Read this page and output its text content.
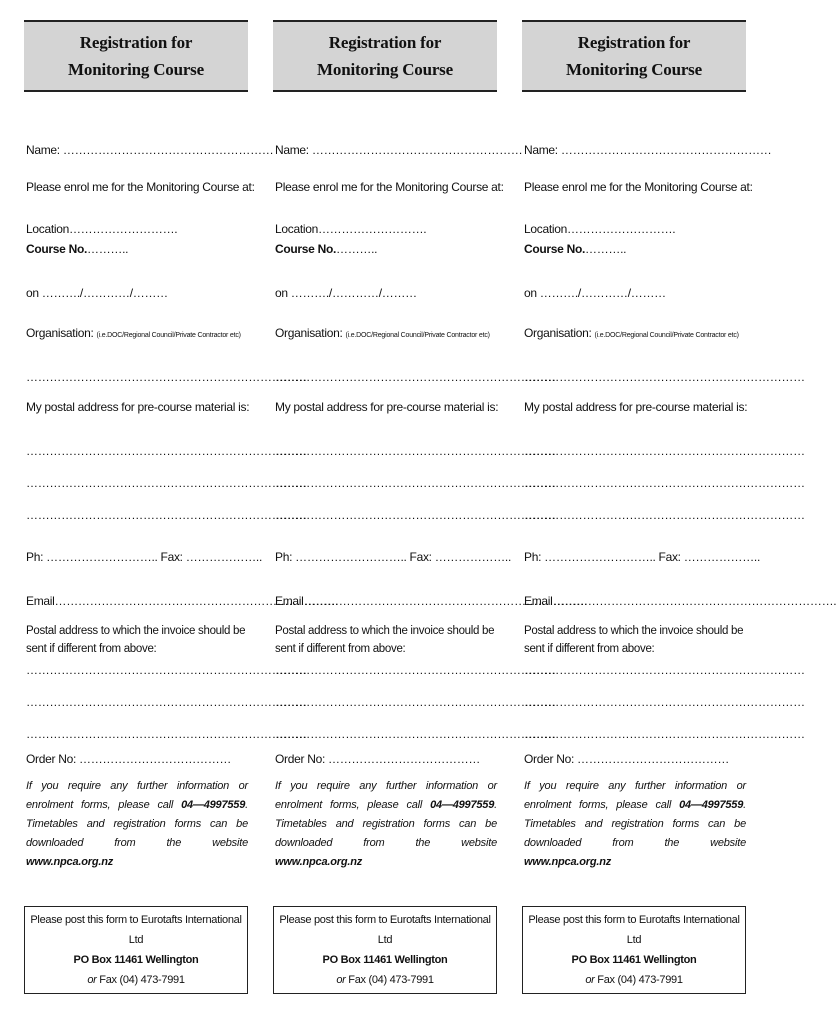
Registration for
Monitoring Course
Name: ………………………………………………
Please enrol me for the Monitoring Course at:
Location……………………….
Course No.………..
on ………./…………/………
Organisation: (i.e.DOC/Regional Council/Private Contractor etc)
………………………………………………………………
My postal address for pre-course material is:
………………………………………………………………
………………………………………………………………
………………………………………………………………
Ph: ……………………….. Fax: ………………..
Email……………………………………………………………….
Postal address to which the invoice should be sent if different from above:
………………………………………………………………
………………………………………………………………
………………………………………………………………
Order No: …………………………………
If you require any further information or enrolment forms, please call 04—4997559. Timetables and registration forms can be downloaded from the website www.npca.org.nz
Please post this form to Eurotafts International Ltd
PO Box 11461 Wellington
or Fax (04) 473-7991
Registration for
Monitoring Course
Name: ………………………………………………
Please enrol me for the Monitoring Course at:
Location……………………….
Course No.………..
on ………./…………/………
Organisation: (i.e.DOC/Regional Council/Private Contractor etc)
………………………………………………………………
My postal address for pre-course material is:
………………………………………………………………
………………………………………………………………
………………………………………………………………
Ph: ……………………….. Fax: ………………..
Email……………………………………………………………….
Postal address to which the invoice should be sent if different from above:
………………………………………………………………
………………………………………………………………
………………………………………………………………
Order No: …………………………………
If you require any further information or enrolment forms, please call 04—4997559. Timetables and registration forms can be downloaded from the website www.npca.org.nz
Please post this form to Eurotafts International Ltd
PO Box 11461 Wellington
or Fax (04) 473-7991
Registration for
Monitoring Course
Name: ………………………………………………
Please enrol me for the Monitoring Course at:
Location……………………….
Course No.………..
on ………./…………/………
Organisation: (i.e.DOC/Regional Council/Private Contractor etc)
………………………………………………………………
My postal address for pre-course material is:
………………………………………………………………
………………………………………………………………
………………………………………………………………
Ph: ……………………….. Fax: ………………..
Email……………………………………………………………….
Postal address to which the invoice should be sent if different from above:
………………………………………………………………
………………………………………………………………
………………………………………………………………
Order No: …………………………………
If you require any further information or enrolment forms, please call 04—4997559. Timetables and registration forms can be downloaded from the website www.npca.org.nz
Please post this form to Eurotafts International Ltd
PO Box 11461 Wellington
or Fax (04) 473-7991
